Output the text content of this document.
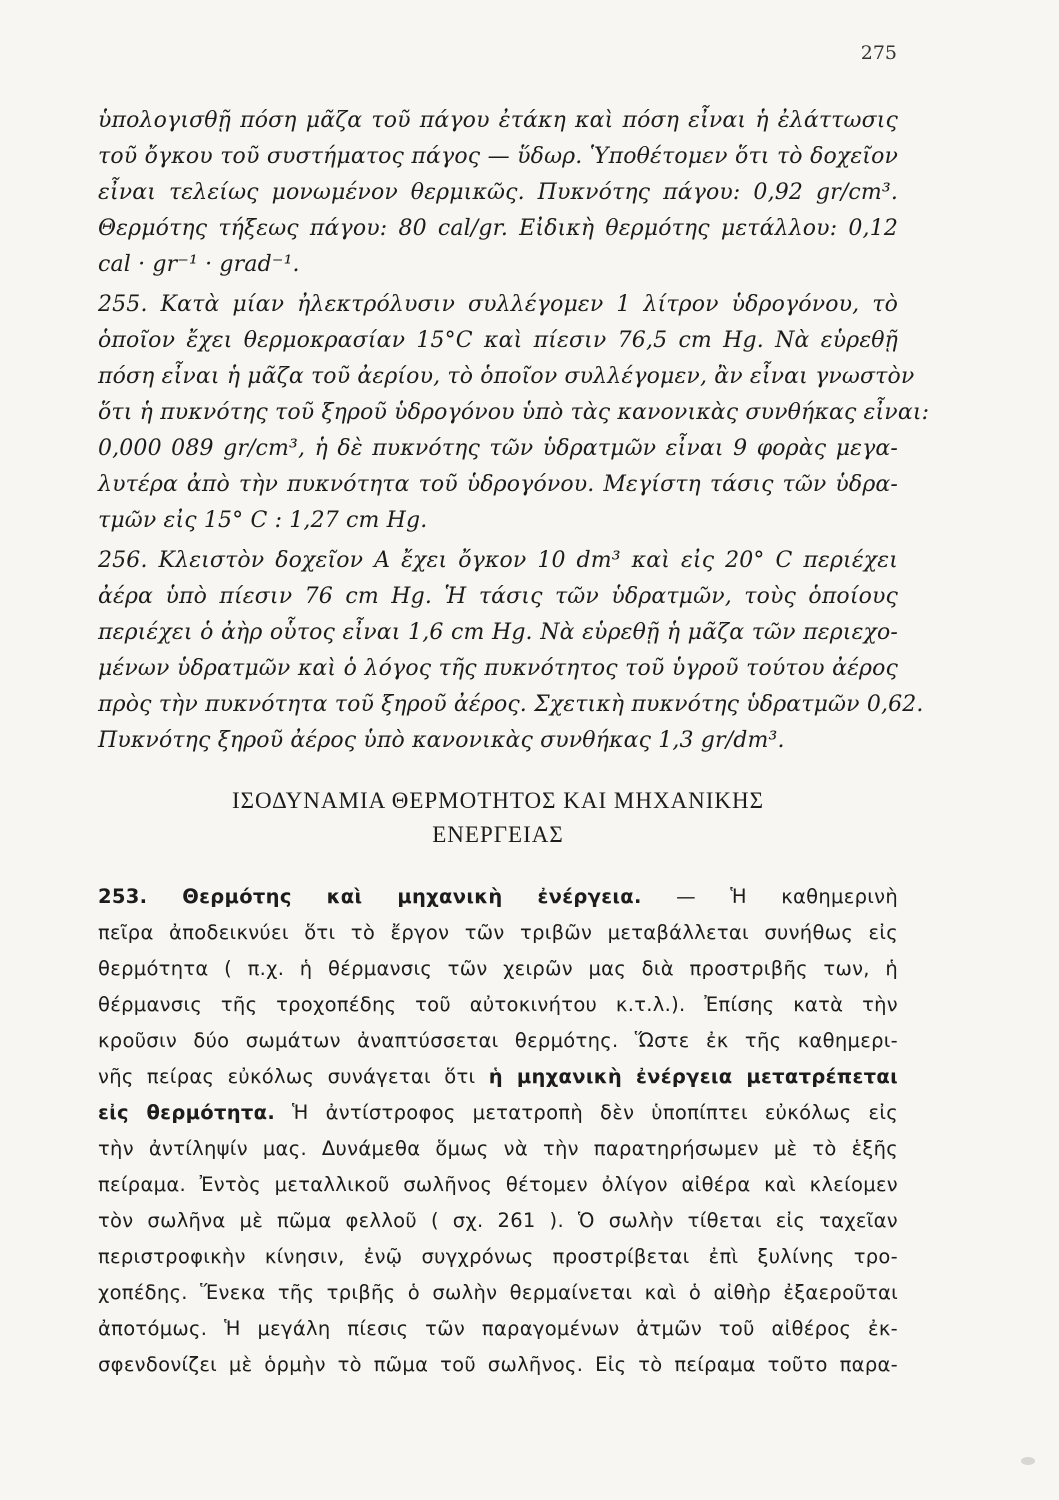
275
ὑπολογισθῇ πόση μᾶζα τοῦ πάγου ἐτάκη καὶ πόση εἶναι ἡ ἐλάττωσις
τοῦ ὄγκου τοῦ συστήματος πάγος — ὕδωρ. Ὑποθέτομεν ὅτι τὸ δοχεῖον
εἶναι τελείως μονωμένον θερμικῶς. Πυκνότης πάγου: 0,92 gr/cm³.
Θερμότης τήξεως πάγου: 80 cal/gr. Εἰδικὴ θερμότης μετάλλου: 0,12
cal · gr⁻¹ · grad⁻¹.
255. Κατὰ μίαν ἠλεκτρόλυσιν συλλέγομεν 1 λίτρον ὑδρογόνου, τὸ
ὁποῖον ἔχει θερμοκρασίαν 15°C καὶ πίεσιν 76,5 cm Hg. Νὰ εὑρεθῇ
πόση εἶναι ἡ μᾶζα τοῦ ἀερίου, τὸ ὁποῖον συλλέγομεν, ἂν εἶναι γνωστὸν
ὅτι ἡ πυκνότης τοῦ ξηροῦ ὑδρογόνου ὑπὸ τὰς κανονικὰς συνθήκας εἶναι:
0,000 089 gr/cm³, ἡ δὲ πυκνότης τῶν ὑδρατμῶν εἶναι 9 φορὰς μεγα-
λυτέρα ἀπὸ τὴν πυκνότητα τοῦ ὑδρογόνου. Μεγίστη τάσις τῶν ὑδρα-
τμῶν εἰς 15° C : 1,27 cm Hg.
256. Κλειστὸν δοχεῖον Α ἔχει ὄγκον 10 dm³ καὶ εἰς 20° C περιέχει
ἀέρα ὑπὸ πίεσιν 76 cm Hg. Ἡ τάσις τῶν ὑδρατμῶν, τοὺς ὁποίους
περιέχει ὁ ἀὴρ οὗτος εἶναι 1,6 cm Hg. Νὰ εὑρεθῇ ἡ μᾶζα τῶν περιεχο-
μένων ὑδρατμῶν καὶ ὁ λόγος τῆς πυκνότητος τοῦ ὑγροῦ τούτου ἀέρος
πρὸς τὴν πυκνότητα τοῦ ξηροῦ ἀέρος. Σχετικὴ πυκνότης ὑδρατμῶν 0,62.
Πυκνότης ξηροῦ ἀέρος ὑπὸ κανονικὰς συνθήκας 1,3 gr/dm³.
ΙΣΟΔΥΝΑΜΙΑ ΘΕΡΜΟΤΗΤΟΣ ΚΑΙ ΜΗΧΑΝΙΚΗΣ
ΕΝΕΡΓΕΙΑΣ
253. Θερμότης καὶ μηχανικὴ ἐνέργεια. — Ἡ καθημερινὴ
πεῖρα ἀποδεικνύει ὅτι τὸ ἔργον τῶν τριβῶν μεταβάλλεται συνήθως εἰς
θερμότητα ( π.χ. ἡ θέρμανσις τῶν χειρῶν μας διὰ προστριβῆς των, ἡ
θέρμανσις τῆς τροχοπέδης τοῦ αὐτοκινήτου κ.τ.λ.). Ἐπίσης κατὰ τὴν
κροῦσιν δύο σωμάτων ἀναπτύσσεται θερμότης. Ὥστε ἐκ τῆς καθημερι-
νῆς πείρας εὐκόλως συνάγεται ὅτι ἡ μηχανικὴ ἐνέργεια μετατρέπεται
εἰς θερμότητα. Ἡ ἀντίστροφος μετατροπὴ δὲν ὑποπίπτει εὐκόλως εἰς
τὴν ἀντίληψίν μας. Δυνάμεθα ὅμως νὰ τὴν παρατηρήσωμεν μὲ τὸ ἑξῆς
πείραμα. Ἐντὸς μεταλλικοῦ σωλῆνος θέτομεν ὀλίγον αἰθέρα καὶ κλείομεν
τὸν σωλῆνα μὲ πῶμα φελλοῦ ( σχ. 261 ). Ὁ σωλὴν τίθεται εἰς ταχεῖαν
περιστροφικὴν κίνησιν, ἐνῷ συγχρόνως προστρίβεται ἐπὶ ξυλίνης τρο-
χοπέδης. Ἕνεκα τῆς τριβῆς ὁ σωλὴν θερμαίνεται καὶ ὁ αἰθὴρ ἐξαεροῦται
ἀποτόμως. Ἡ μεγάλη πίεσις τῶν παραγομένων ἀτμῶν τοῦ αἰθέρος ἐκ-
σφενδονίζει μὲ ὁρμὴν τὸ πῶμα τοῦ σωλῆνος. Εἰς τὸ πείραμα τοῦτο παρα-
